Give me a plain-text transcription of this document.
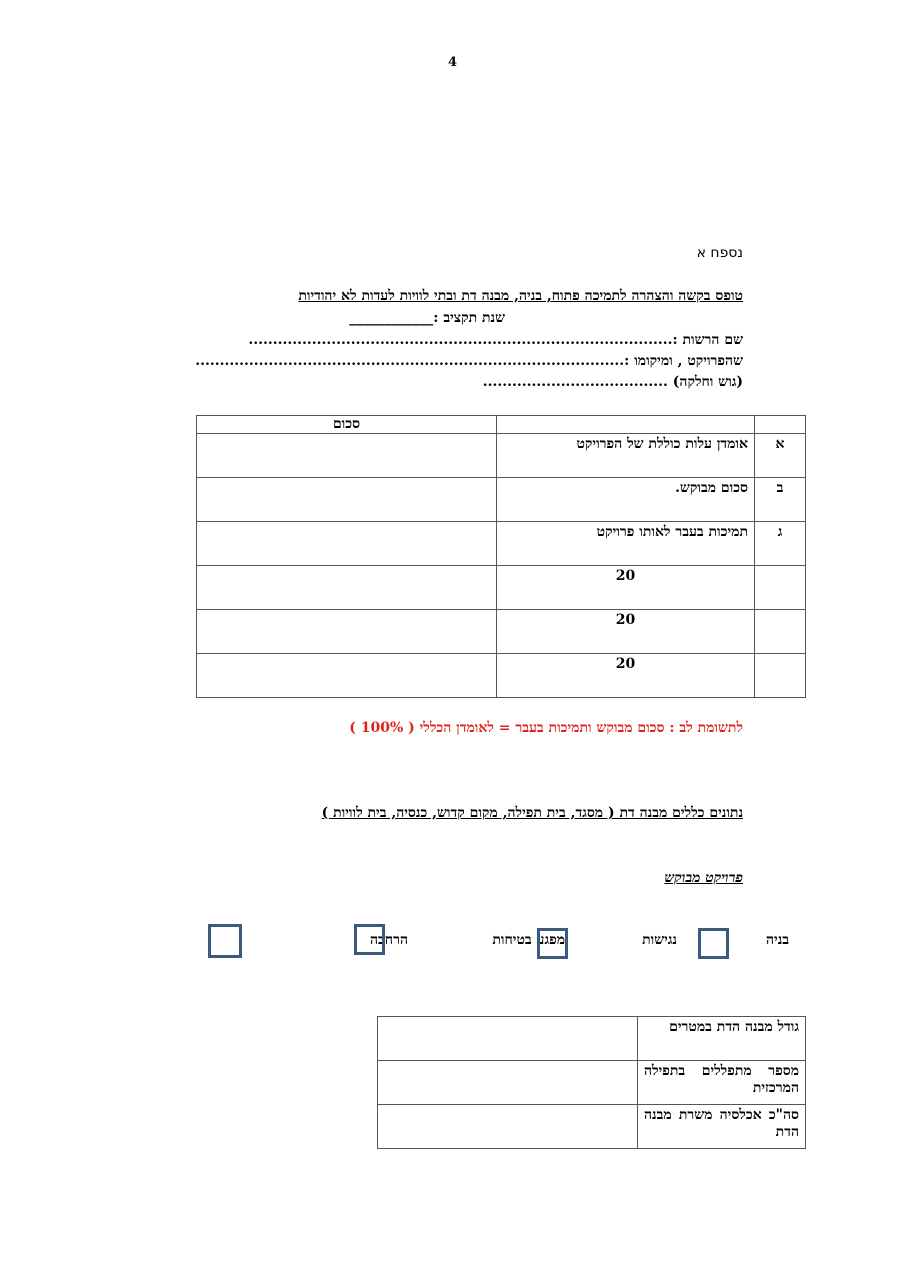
4
נספח א
טופס בקשה והצהרה לתמיכה פתוח, בניה, מבנה דת ובתי לוויות לעדות לא יהודיות
שנת תקציב :____________
שם הרשות :.......................................................................................
שהפרויקט , ומיקומו :........................................................................................
(גוש וחלקה) ......................................
		סכום
א	אומדן עלות כוללת של הפרויקט	
ב	סכום מבוקש.	
ג	תמיכות בעבר לאותו פרויקט	
	20	
	20	
	20	
לתשומת לב : סכום מבוקש ותמיכות בעבר = לאומדן הכללי ( 100% )
נתונים כללים מבנה דת ( מסגד, בית תפילה, מקום קדוש, כנסיה, בית לוויות )
פרויקט מבוקש
בניה
נגישות
מפגע בטיחות
הרחבה
גודל מבנה הדת במטרים	
מספר מתפללים בתפילה המרכזית	
סה"כ אכלסיה משרת מבנה הדת	
